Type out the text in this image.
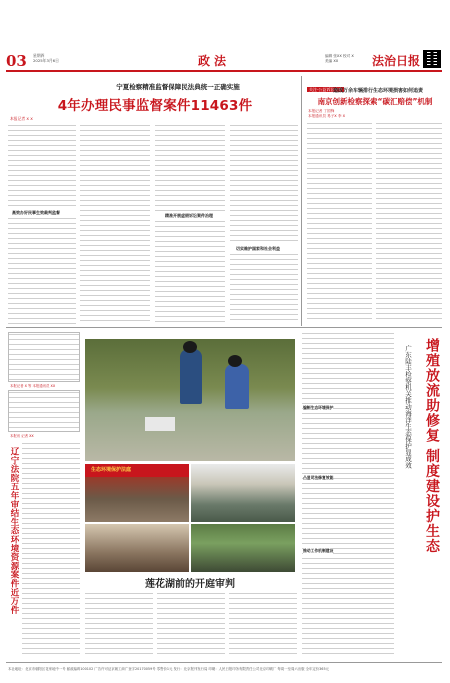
03 星期四
2025年3月6日	政法	编辑 张XX 校对 X
美编 XX	法治日报
宁夏检察精准监督保障民法典统一正确实施
4年办理民事监督案件11463件
本报记者 X X
高效办好民事生效裁判监督
精准开展虚假诉讼案件治理
切实维护国家和社会利益
关注·公益诉讼检察
造成万余车辆排行生态环境损害如何追责
南京创新检察探索“碳汇赔偿”机制
本报记者 丁国锋
本报通讯员 易子X 李 X
本报记者 X 等 本报通讯员 XX
本报讯 记者 XX
辽宁法院五年审结生态环境资源案件近万件	生态环境保护法庭
莲花湖前的开庭审判
编制生态环境保护
凸显司法修复效能
推动工作机制建设	增殖放流助修复 制度建设护生态
广东陆丰检察机关推动海洋生态保护显成效
本社地址：北京市朝阳区花家地中一号 邮政编码100102 广告许可证京朝工商广登字20170059号 零售价1元 发行：北京报刊发行局 印刷：人民日报印务有限责任公司北京印刷厂 每周一至周六出版 全年定价365元
